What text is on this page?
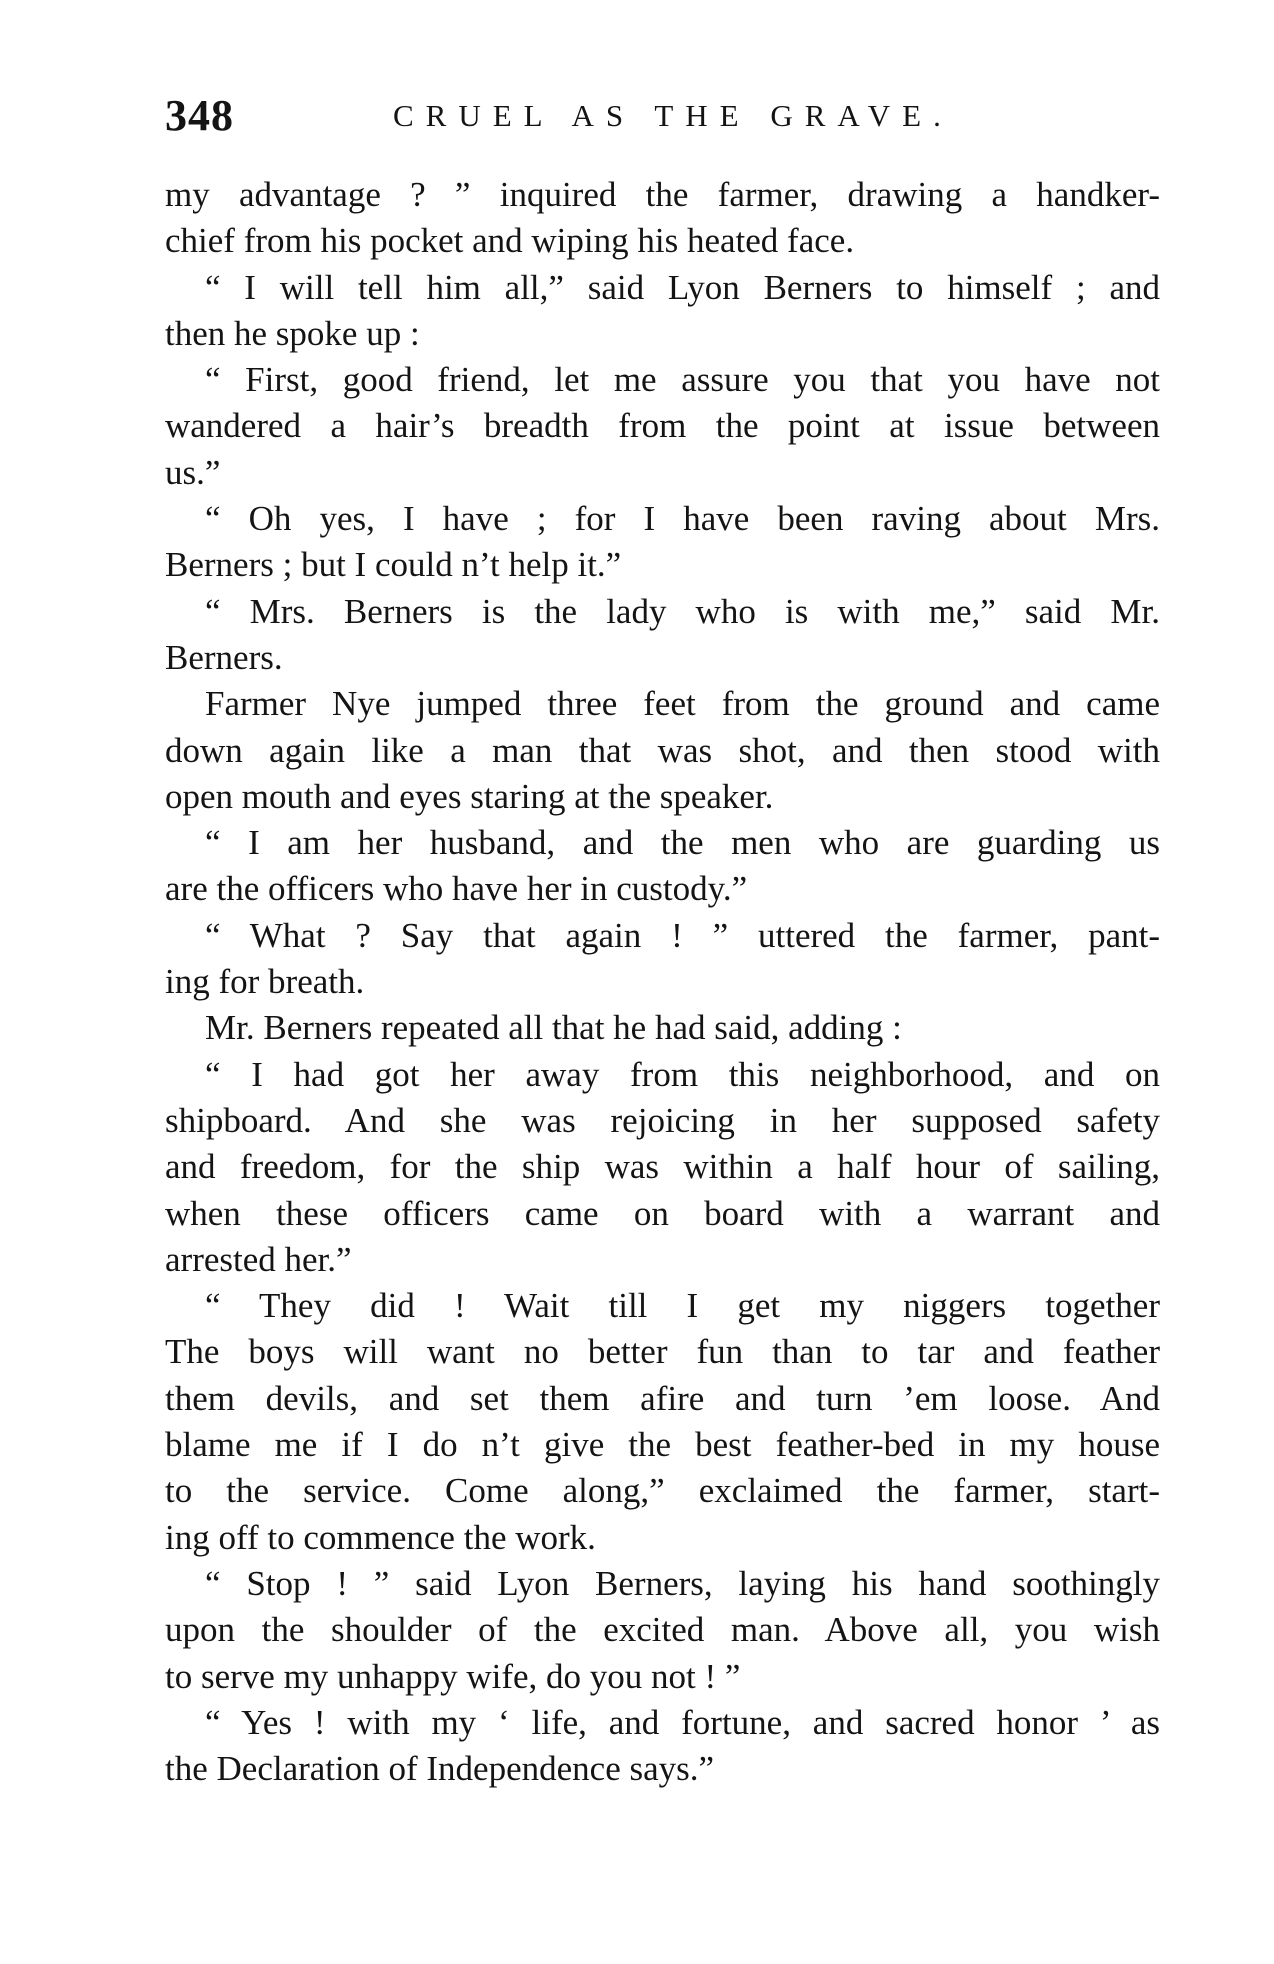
348	CRUEL AS THE GRAVE.
my advantage ? ” inquired the farmer, drawing a handker-
chief from his pocket and wiping his heated face.
“ I will tell him all,” said Lyon Berners to himself ; and
then he spoke up :
“ First, good friend, let me assure you that you have not
wandered a hair’s breadth from the point at issue between
us.”
“ Oh yes, I have ; for I have been raving about Mrs.
Berners ; but I could n’t help it.”
“ Mrs. Berners is the lady who is with me,” said Mr.
Berners.
Farmer Nye jumped three feet from the ground and came
down again like a man that was shot, and then stood with
open mouth and eyes staring at the speaker.
“ I am her husband, and the men who are guarding us
are the officers who have her in custody.”
“ What ? Say that again ! ” uttered the farmer, pant-
ing for breath.
Mr. Berners repeated all that he had said, adding :
“ I had got her away from this neighborhood, and on
shipboard. And she was rejoicing in her supposed safety
and freedom, for the ship was within a half hour of sailing,
when these officers came on board with a warrant and
arrested her.”
“ They did ! Wait till I get my niggers together
The boys will want no better fun than to tar and feather
them devils, and set them afire and turn ’em loose. And
blame me if I do n’t give the best feather-bed in my house
to the service. Come along,” exclaimed the farmer, start-
ing off to commence the work.
“ Stop ! ” said Lyon Berners, laying his hand soothingly
upon the shoulder of the excited man. Above all, you wish
to serve my unhappy wife, do you not ! ”
“ Yes ! with my ‘ life, and fortune, and sacred honor ’ as
the Declaration of Independence says.”
